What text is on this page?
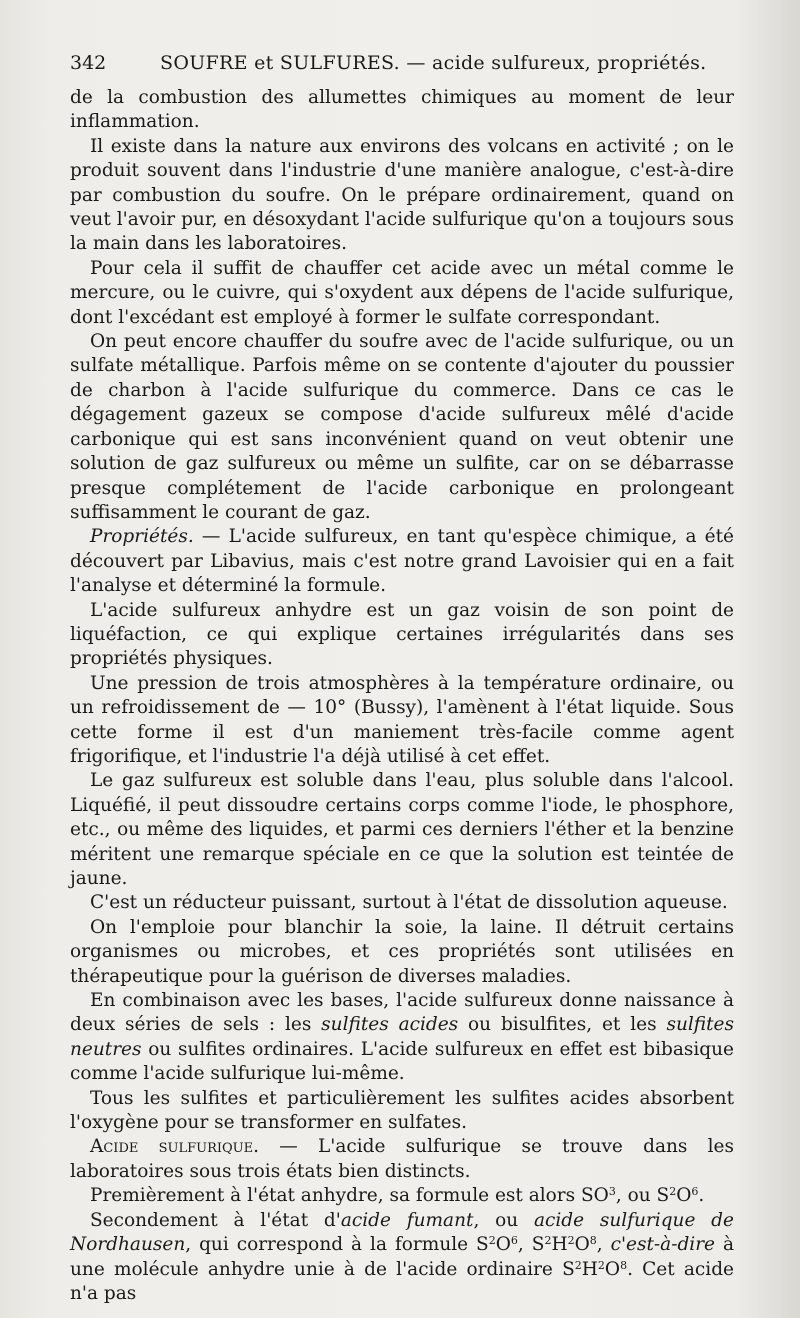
342	SOUFRE et SULFURES. — acide sulfureux, propriétés.

de la combustion des allumettes chimiques au moment de leur inflammation.

Il existe dans la nature aux environs des volcans en activité ; on le produit souvent dans l'industrie d'une manière analogue, c'est-à-dire par combustion du soufre. On le prépare ordinairement, quand on veut l'avoir pur, en désoxydant l'acide sulfurique qu'on a toujours sous la main dans les laboratoires.

Pour cela il suffit de chauffer cet acide avec un métal comme le mercure, ou le cuivre, qui s'oxydent aux dépens de l'acide sulfurique, dont l'excédant est employé à former le sulfate correspondant.

On peut encore chauffer du soufre avec de l'acide sulfurique, ou un sulfate métallique. Parfois même on se contente d'ajouter du poussier de charbon à l'acide sulfurique du commerce. Dans ce cas le dégagement gazeux se compose d'acide sulfureux mêlé d'acide carbonique qui est sans inconvénient quand on veut obtenir une solution de gaz sulfureux ou même un sulfite, car on se débarrasse presque complétement de l'acide carbonique en prolongeant suffisamment le courant de gaz.

Propriétés. — L'acide sulfureux, en tant qu'espèce chimique, a été découvert par Libavius, mais c'est notre grand Lavoisier qui en a fait l'analyse et déterminé la formule.

L'acide sulfureux anhydre est un gaz voisin de son point de liquéfaction, ce qui explique certaines irrégularités dans ses propriétés physiques.

Une pression de trois atmosphères à la température ordinaire, ou un refroidissement de — 10° (Bussy), l'amènent à l'état liquide. Sous cette forme il est d'un maniement très-facile comme agent frigorifique, et l'industrie l'a déjà utilisé à cet effet.

Le gaz sulfureux est soluble dans l'eau, plus soluble dans l'alcool. Liquéfié, il peut dissoudre certains corps comme l'iode, le phosphore, etc., ou même des liquides, et parmi ces derniers l'éther et la benzine méritent une remarque spéciale en ce que la solution est teintée de jaune.

C'est un réducteur puissant, surtout à l'état de dissolution aqueuse.

On l'emploie pour blanchir la soie, la laine. Il détruit certains organismes ou microbes, et ces propriétés sont utilisées en thérapeutique pour la guérison de diverses maladies.

En combinaison avec les bases, l'acide sulfureux donne naissance à deux séries de sels : les sulfites acides ou bisulfites, et les sulfites neutres ou sulfites ordinaires. L'acide sulfureux en effet est bibasique comme l'acide sulfurique lui-même.

Tous les sulfites et particulièrement les sulfites acides absorbent l'oxygène pour se transformer en sulfates.

Acide sulfurique. — L'acide sulfurique se trouve dans les laboratoires sous trois états bien distincts.

Premièrement à l'état anhydre, sa formule est alors $SO^3$, ou $S^2O^6$.

Secondement à l'état d'acide fumant, ou acide sulfurique de Nordhausen, qui correspond à la formule $S^2O^6$, $S^2H^2O^8$, c'est-à-dire à une molécule anhydre unie à de l'acide ordinaire $S^2H^2O^8$. Cet acide n'a pas
